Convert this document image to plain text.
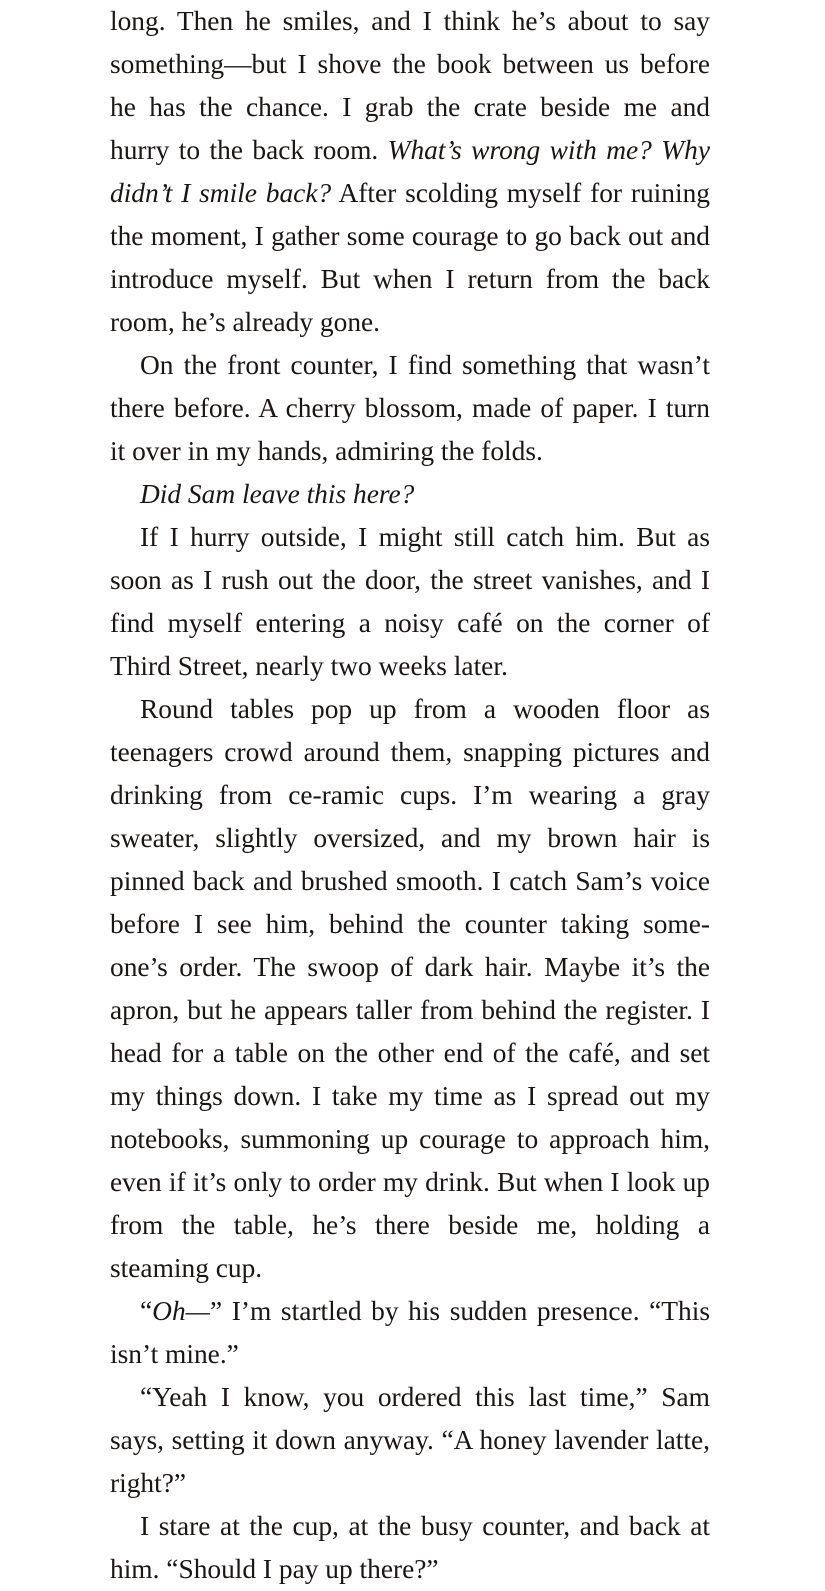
long. Then he smiles, and I think he’s about to say something—but I shove the book between us before he has the chance. I grab the crate beside me and hurry to the back room. What’s wrong with me? Why didn’t I smile back? After scolding myself for ruining the moment, I gather some courage to go back out and introduce myself. But when I return from the back room, he’s already gone.

On the front counter, I find something that wasn’t there before. A cherry blossom, made of paper. I turn it over in my hands, admiring the folds.

Did Sam leave this here?

If I hurry outside, I might still catch him. But as soon as I rush out the door, the street vanishes, and I find myself entering a noisy café on the corner of Third Street, nearly two weeks later.

Round tables pop up from a wooden floor as teenagers crowd around them, snapping pictures and drinking from ce-ramic cups. I’m wearing a gray sweater, slightly oversized, and my brown hair is pinned back and brushed smooth. I catch Sam’s voice before I see him, behind the counter taking some-one’s order. The swoop of dark hair. Maybe it’s the apron, but he appears taller from behind the register. I head for a table on the other end of the café, and set my things down. I take my time as I spread out my notebooks, summoning up courage to approach him, even if it’s only to order my drink. But when I look up from the table, he’s there beside me, holding a steaming cup.

“Oh—” I’m startled by his sudden presence. “This isn’t mine.”

“Yeah I know, you ordered this last time,” Sam says, setting it down anyway. “A honey lavender latte, right?”

I stare at the cup, at the busy counter, and back at him. “Should I pay up there?”
